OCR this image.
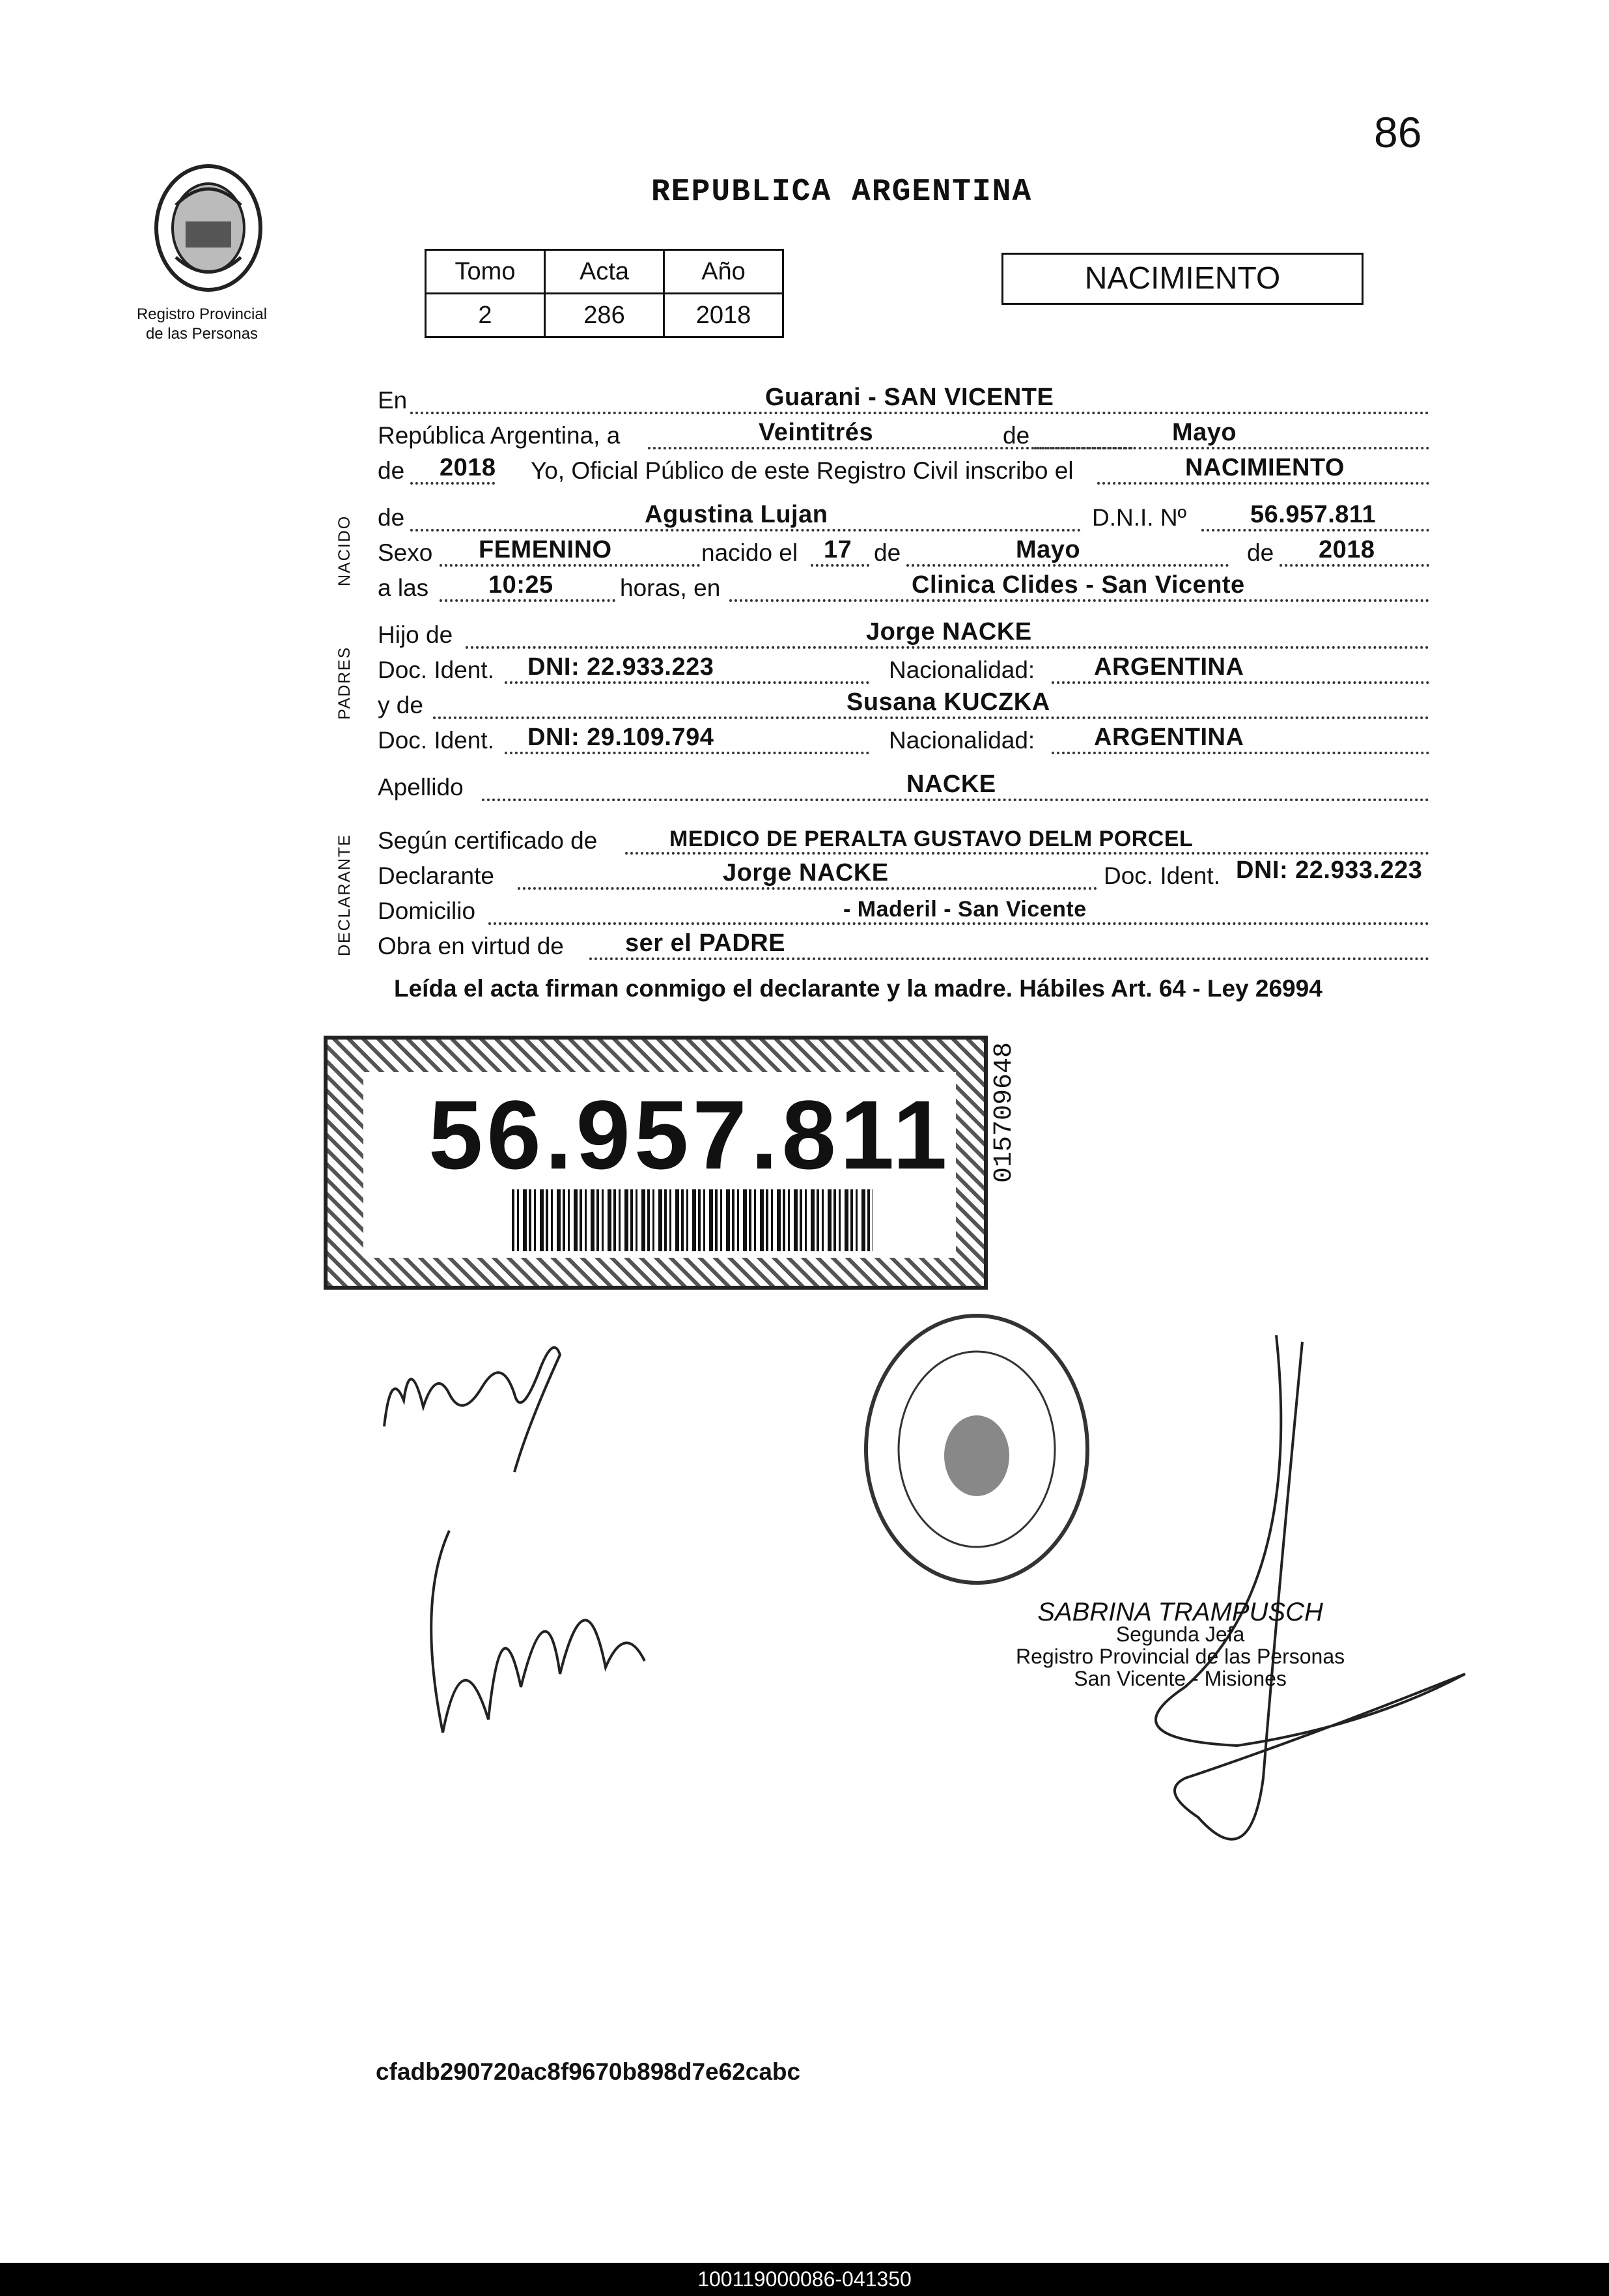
86
Registro Provincial
de las Personas
REPUBLICA ARGENTINA
Tomo	Acta	Año
2	286	2018
NACIMIENTO
NACIDO
PADRES
DECLARANTE
En	Guarani - SAN VICENTE
República Argentina, a	Veintitrés	de	Mayo
de 2018 Yo, Oficial Público de este Registro Civil inscribo el	NACIMIENTO
de	Agustina Lujan	D.N.I. Nº	56.957.811
Sexo FEMENINO	nacido el 17 de	Mayo	de 2018
a las 10:25	horas, en	Clinica Clides - San Vicente
Hijo de	Jorge NACKE
Doc. Ident. DNI: 22.933.223	Nacionalidad: ARGENTINA
y de	Susana KUCZKA
Doc. Ident. DNI: 29.109.794	Nacionalidad: ARGENTINA
Apellido	NACKE
Según certificado de	MEDICO DE PERALTA GUSTAVO DELM PORCEL
Declarante	Jorge NACKE	Doc. Ident. DNI: 22.933.223
Domicilio	- Maderil - San Vicente
Obra en virtud de ser el PADRE
Leída el acta firman conmigo el declarante y la madre. Hábiles Art. 64 - Ley 26994
56.957.811 015709648
SABRINA TRAMPUSCH
Segunda Jefa
Registro Provincial de las Personas
San Vicente - Misiones
cfadb290720ac8f9670b898d7e62cabc
100119000086-041350
